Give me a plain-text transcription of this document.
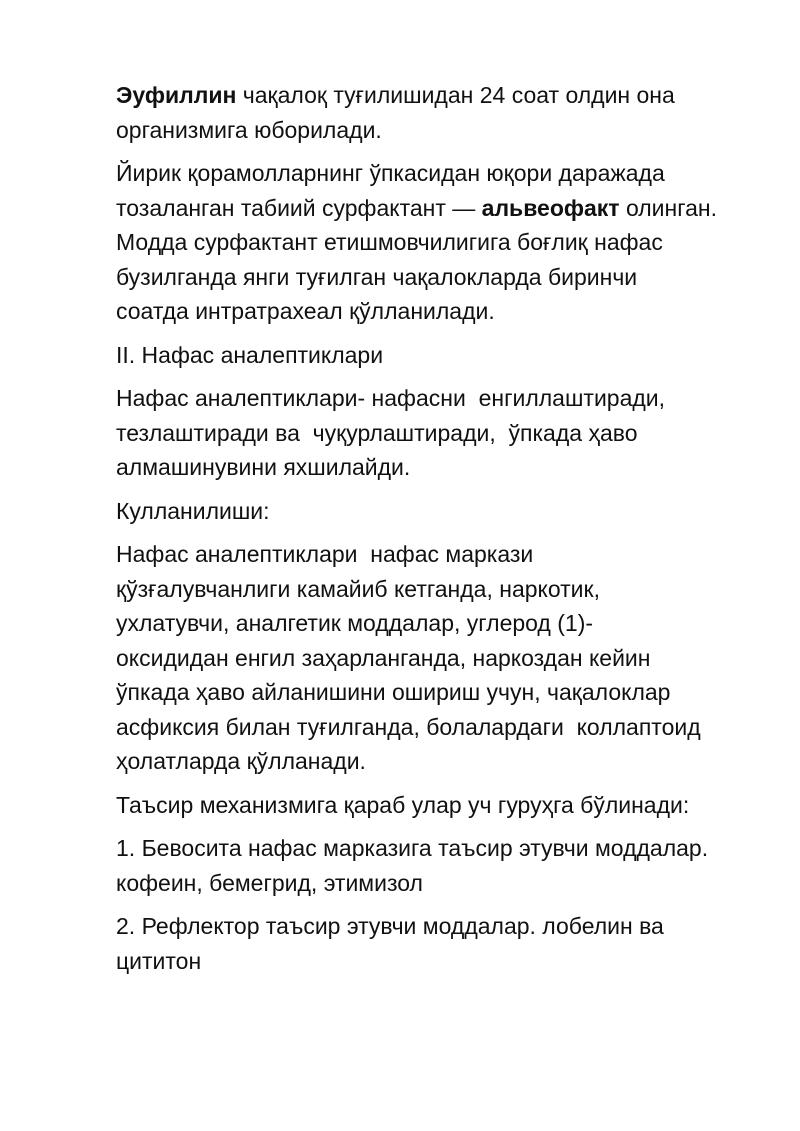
Эуфиллин чақалоқ туғилишидан 24 соат олдин она
организмига юборилади.

Йирик қорамолларнинг ўпкасидан юқори даражада
тозаланган табиий сурфактант — альвеофакт олинган.
Модда сурфактант етишмовчилигига боғлиқ нафас
бузилганда янги туғилган чақалокларда биринчи
соатда интратрахеал қўлланилади.

II. Нафас аналептиклари

Нафас аналептиклари- нафасни  енгиллаштиради,
тезлаштиради ва  чуқурлаштиради,  ўпкада ҳаво
алмашинувини яхшилайди.

Кулланилиши:

Нафас аналептиклари  нафас маркази
қўзғалувчанлиги камайиб кетганда, наркотик,
ухлатувчи, аналгетик моддалар, углерод (1)-
оксидидан енгил заҳарланганда, наркоздан кейин
ўпкада ҳаво айланишини ошириш учун, чақалоклар
асфиксия билан туғилганда, болалардаги  коллаптоид
ҳолатларда қўлланади.

Таъсир механизмига қараб улар уч гуруҳга бўлинади:

1. Бевосита нафас марказига таъсир этувчи моддалар.
кофеин, бемегрид, этимизол

2. Рефлектор таъсир этувчи моддалар. лобелин ва
цититон
